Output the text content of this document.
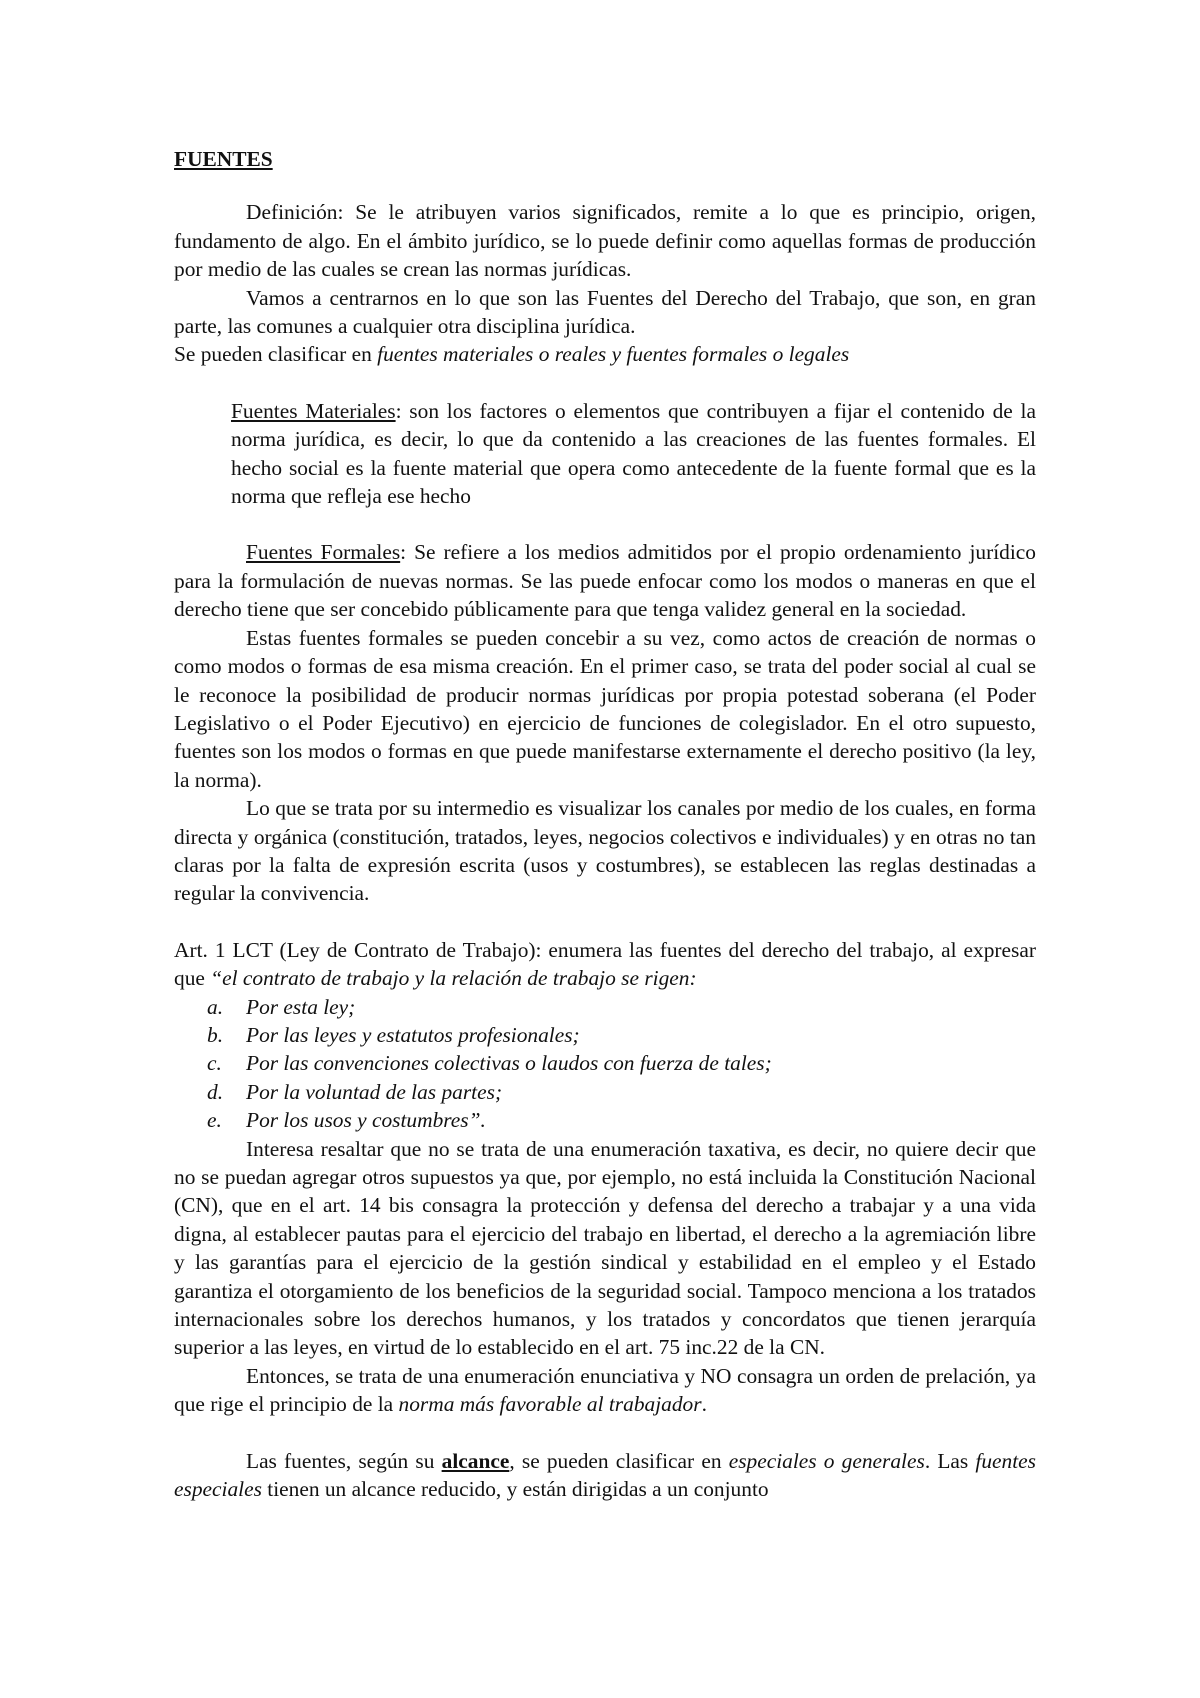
FUENTES

Definición: Se le atribuyen varios significados, remite a lo que es principio, origen, fundamento de algo. En el ámbito jurídico, se lo puede definir como aquellas formas de producción por medio de las cuales se crean las normas jurídicas.

Vamos a centrarnos en lo que son las Fuentes del Derecho del Trabajo, que son, en gran parte, las comunes a cualquier otra disciplina jurídica.

Se pueden clasificar en fuentes materiales o reales y fuentes formales o legales

Fuentes Materiales: son los factores o elementos que contribuyen a fijar el contenido de la norma jurídica, es decir, lo que da contenido a las creaciones de las fuentes formales. El hecho social es la fuente material que opera como antecedente de la fuente formal que es la norma que refleja ese hecho

Fuentes Formales: Se refiere a los medios admitidos por el propio ordenamiento jurídico para la formulación de nuevas normas. Se las puede enfocar como los modos o maneras en que el derecho tiene que ser concebido públicamente para que tenga validez general en la sociedad.

Estas fuentes formales se pueden concebir a su vez, como actos de creación de normas o como modos o formas de esa misma creación. En el primer caso, se trata del poder social al cual se le reconoce la posibilidad de producir normas jurídicas por propia potestad soberana (el Poder Legislativo o el Poder Ejecutivo) en ejercicio de funciones de colegislador. En el otro supuesto, fuentes son los modos o formas en que puede manifestarse externamente el derecho positivo (la ley, la norma).

Lo que se trata por su intermedio es visualizar los canales por medio de los cuales, en forma directa y orgánica (constitución, tratados, leyes, negocios colectivos e individuales) y en otras no tan claras por la falta de expresión escrita (usos y costumbres), se establecen las reglas destinadas a regular la convivencia.

Art. 1 LCT (Ley de Contrato de Trabajo): enumera las fuentes del derecho del trabajo, al expresar que “el contrato de trabajo y la relación de trabajo se rigen:

a. Por esta ley;
b. Por las leyes y estatutos profesionales;
c. Por las convenciones colectivas o laudos con fuerza de tales;
d. Por la voluntad de las partes;
e. Por los usos y costumbres”.

Interesa resaltar que no se trata de una enumeración taxativa, es decir, no quiere decir que no se puedan agregar otros supuestos ya que, por ejemplo, no está incluida la Constitución Nacional (CN), que en el art. 14 bis consagra la protección y defensa del derecho a trabajar y a una vida digna, al establecer pautas para el ejercicio del trabajo en libertad, el derecho a la agremiación libre y las garantías para el ejercicio de la gestión sindical y estabilidad en el empleo y el Estado garantiza el otorgamiento de los beneficios de la seguridad social. Tampoco menciona a los tratados internacionales sobre los derechos humanos, y los tratados y concordatos que tienen jerarquía superior a las leyes, en virtud de lo establecido en el art. 75 inc.22 de la CN.

Entonces, se trata de una enumeración enunciativa y NO consagra un orden de prelación, ya que rige el principio de la norma más favorable al trabajador.

Las fuentes, según su alcance, se pueden clasificar en especiales o generales. Las fuentes especiales tienen un alcance reducido, y están dirigidas a un conjunto
